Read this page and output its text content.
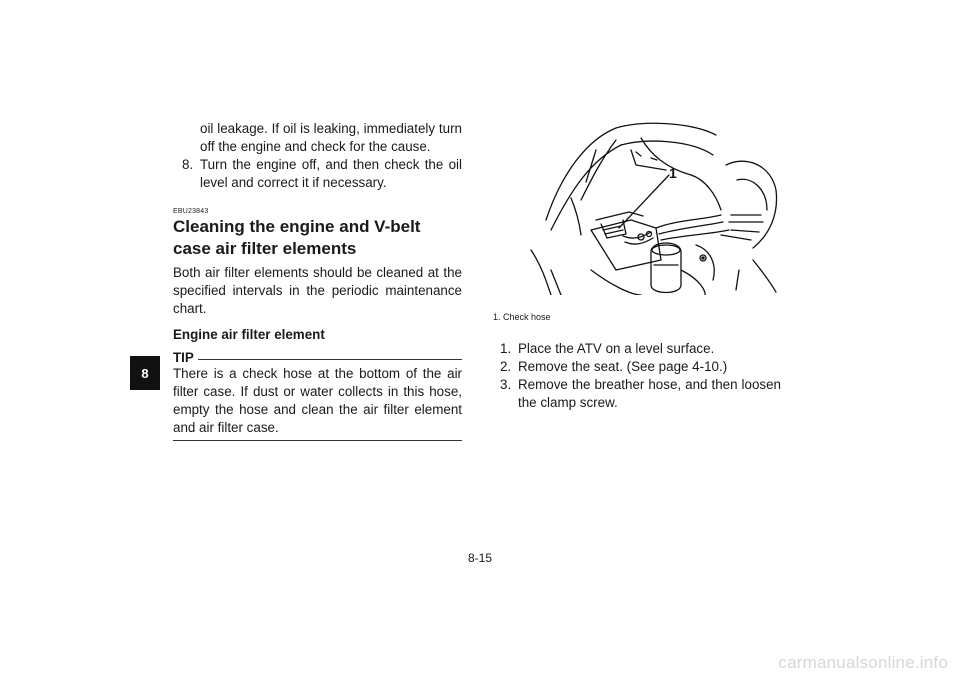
8

oil leakage. If oil is leaking, immediately turn off the engine and check for the cause.

8. Turn the engine off, and then check the oil level and correct it if necessary.
EBU23843
Cleaning the engine and V-belt case air filter elements

Both air filter elements should be cleaned at the specified intervals in the periodic maintenance chart.

Engine air filter element
TIP

There is a check hose at the bottom of the air filter case. If dust or water collects in this hose, empty the hose and clean the air filter element and air filter case.

1
1. Check hose
1. Place the ATV on a level surface.
2. Remove the seat. (See page 4-10.)
3. Remove the breather hose, and then loosen the clamp screw.
8-15
carmanualsonline.info
